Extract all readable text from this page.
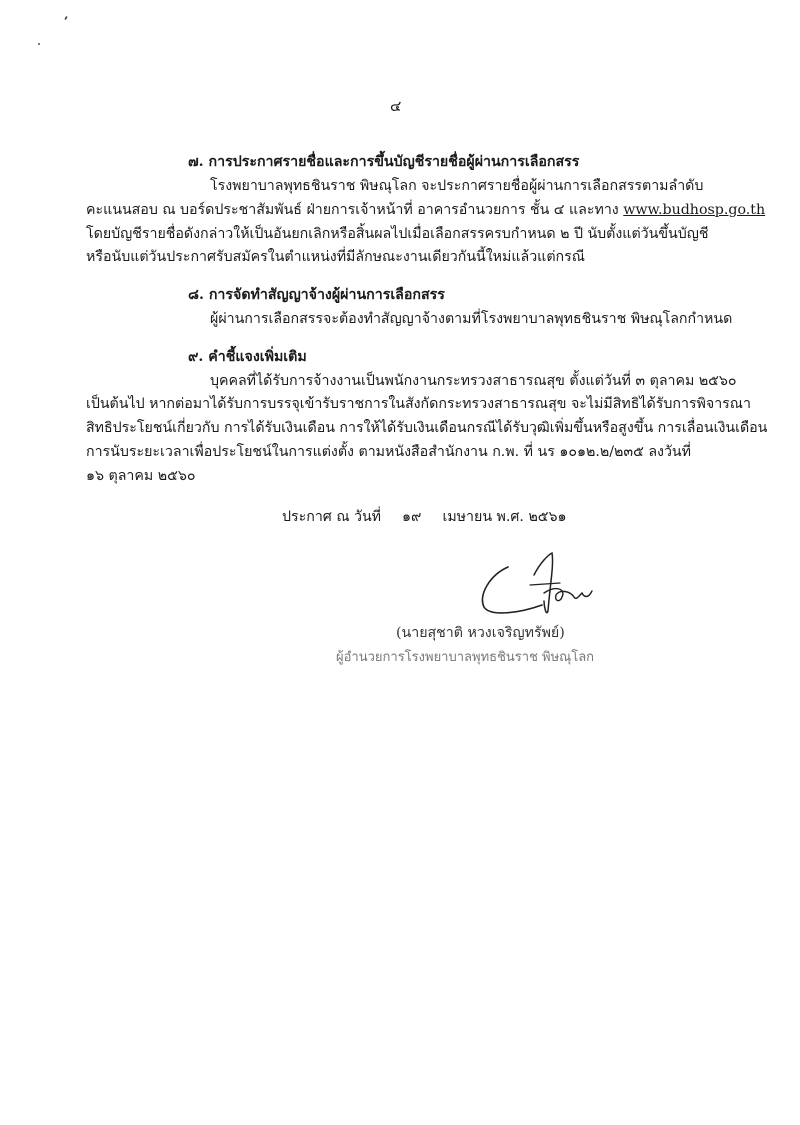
๔
๗. การประกาศรายชื่อและการขึ้นบัญชีรายชื่อผู้ผ่านการเลือกสรร
โรงพยาบาลพุทธชินราช พิษณุโลก จะประกาศรายชื่อผู้ผ่านการเลือกสรรตามลำดับ
คะแนนสอบ ณ บอร์ดประชาสัมพันธ์ ฝ่ายการเจ้าหน้าที่ อาคารอำนวยการ ชั้น ๔ และทาง www.budhosp.go.th
โดยบัญชีรายชื่อดังกล่าวให้เป็นอันยกเลิกหรือสิ้นผลไปเมื่อเลือกสรรครบกำหนด ๒ ปี นับตั้งแต่วันขึ้นบัญชี
หรือนับแต่วันประกาศรับสมัครในตำแหน่งที่มีลักษณะงานเดียวกันนี้ใหม่แล้วแต่กรณี
๘. การจัดทำสัญญาจ้างผู้ผ่านการเลือกสรร
ผู้ผ่านการเลือกสรรจะต้องทำสัญญาจ้างตามที่โรงพยาบาลพุทธชินราช พิษณุโลกกำหนด
๙. คำชี้แจงเพิ่มเติม
บุคคลที่ได้รับการจ้างงานเป็นพนักงานกระทรวงสาธารณสุข ตั้งแต่วันที่ ๓ ตุลาคม ๒๕๖๐
เป็นต้นไป หากต่อมาได้รับการบรรจุเข้ารับราชการในสังกัดกระทรวงสาธารณสุข จะไม่มีสิทธิได้รับการพิจารณา
สิทธิประโยชน์เกี่ยวกับ การได้รับเงินเดือน การให้ได้รับเงินเดือนกรณีได้รับวุฒิเพิ่มขึ้นหรือสูงขึ้น การเลื่อนเงินเดือน
การนับระยะเวลาเพื่อประโยชน์ในการแต่งตั้ง ตามหนังสือสำนักงาน ก.พ. ที่ นร ๑๐๑๒.๒/๒๓๕ ลงวันที่
๑๖ ตุลาคม ๒๕๖๐
ประกาศ ณ วันที่ ๑๙ เมษายน พ.ศ. ๒๕๖๑
(นายสุชาติ หวงเจริญทรัพย์)
ผู้อำนวยการโรงพยาบาลพุทธชินราช พิษณุโลก
